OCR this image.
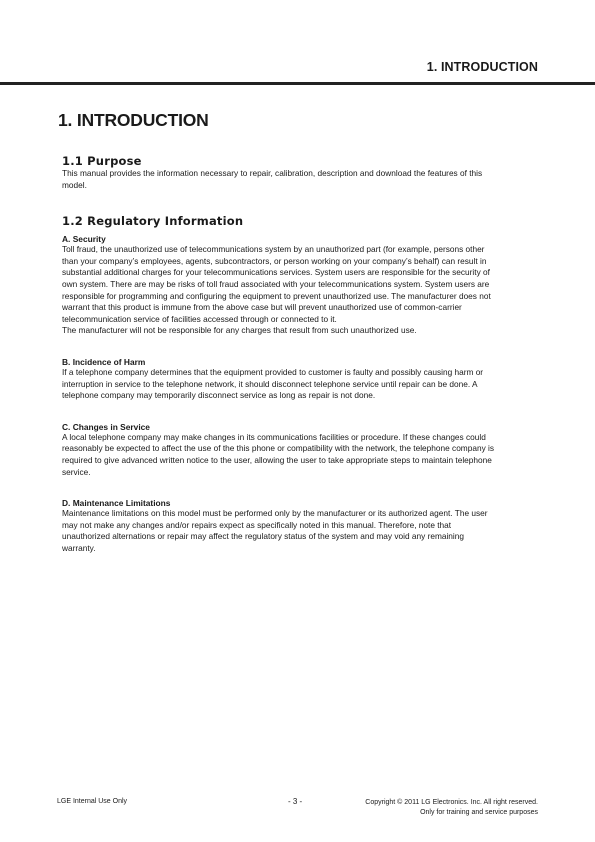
1. INTRODUCTION
1. INTRODUCTION
1.1 Purpose

This manual provides the information necessary to repair, calibration, description and download the features of this model.

1.2 Regulatory Information
A. Security

Toll fraud, the unauthorized use of telecommunications system by an unauthorized part (for example, persons other than your company’s employees, agents, subcontractors, or person working on your company’s behalf) can result in substantial additional charges for your telecommunications services. System users are responsible for the security of own system. There are may be risks of toll fraud associated with your telecommunications system. System users are responsible for programming and configuring the equipment to prevent unauthorized use. The manufacturer does not warrant that this product is immune from the above case but will prevent unauthorized use of common-carrier telecommunication service of facilities accessed through or connected to it.

The manufacturer will not be responsible for any charges that result from such unauthorized use.

B. Incidence of Harm

If a telephone company determines that the equipment provided to customer is faulty and possibly causing harm or interruption in service to the telephone network, it should disconnect telephone service until repair can be done. A telephone company may temporarily disconnect service as long as repair is not done.

C. Changes in Service

A local telephone company may make changes in its communications facilities or procedure. If these changes could reasonably be expected to affect the use of the this phone or compatibility with the network, the telephone company is required to give advanced written notice to the user, allowing the user to take appropriate steps to maintain telephone service.

D. Maintenance Limitations

Maintenance limitations on this model must be performed only by the manufacturer or its authorized agent. The user may not make any changes and/or repairs expect as specifically noted in this manual. Therefore, note that unauthorized alternations or repair may affect the regulatory status of the system and may void any remaining warranty.

LGE Internal Use Only	- 3 -	Copyright © 2011 LG Electronics. Inc. All right reserved.
Only for training and service purposes
